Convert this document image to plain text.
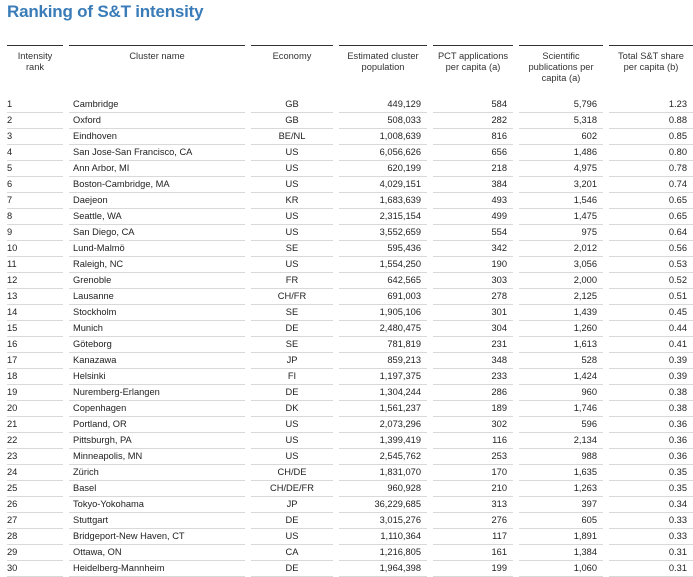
Ranking of S&T intensity
Intensity rank	Cluster name	Economy	Estimated cluster population	PCT applications per capita (a)	Scientific publications per capita (a)	Total S&T share per capita (b)
1	Cambridge	GB	449,129	584	5,796	1.23
2	Oxford	GB	508,033	282	5,318	0.88
3	Eindhoven	BE/NL	1,008,639	816	602	0.85
4	San Jose-San Francisco, CA	US	6,056,626	656	1,486	0.80
5	Ann Arbor, MI	US	620,199	218	4,975	0.78
6	Boston-Cambridge, MA	US	4,029,151	384	3,201	0.74
7	Daejeon	KR	1,683,639	493	1,546	0.65
8	Seattle, WA	US	2,315,154	499	1,475	0.65
9	San Diego, CA	US	3,552,659	554	975	0.64
10	Lund-Malmö	SE	595,436	342	2,012	0.56
11	Raleigh, NC	US	1,554,250	190	3,056	0.53
12	Grenoble	FR	642,565	303	2,000	0.52
13	Lausanne	CH/FR	691,003	278	2,125	0.51
14	Stockholm	SE	1,905,106	301	1,439	0.45
15	Munich	DE	2,480,475	304	1,260	0.44
16	Göteborg	SE	781,819	231	1,613	0.41
17	Kanazawa	JP	859,213	348	528	0.39
18	Helsinki	FI	1,197,375	233	1,424	0.39
19	Nuremberg-Erlangen	DE	1,304,244	286	960	0.38
20	Copenhagen	DK	1,561,237	189	1,746	0.38
21	Portland, OR	US	2,073,296	302	596	0.36
22	Pittsburgh, PA	US	1,399,419	116	2,134	0.36
23	Minneapolis, MN	US	2,545,762	253	988	0.36
24	Zürich	CH/DE	1,831,070	170	1,635	0.35
25	Basel	CH/DE/FR	960,928	210	1,263	0.35
26	Tokyo-Yokohama	JP	36,229,685	313	397	0.34
27	Stuttgart	DE	3,015,276	276	605	0.33
28	Bridgeport-New Haven, CT	US	1,110,364	117	1,891	0.33
29	Ottawa, ON	CA	1,216,805	161	1,384	0.31
30	Heidelberg-Mannheim	DE	1,964,398	199	1,060	0.31
